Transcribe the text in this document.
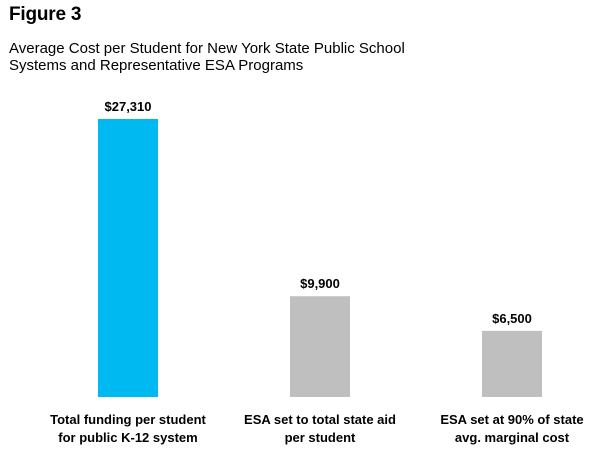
Figure 3
Average Cost per Student for New York State Public School
Systems and Representative ESA Programs
$27,310
Total funding per student
for public K-12 system
$9,900
ESA set to total state aid
per student
$6,500
ESA set at 90% of state
avg. marginal cost
